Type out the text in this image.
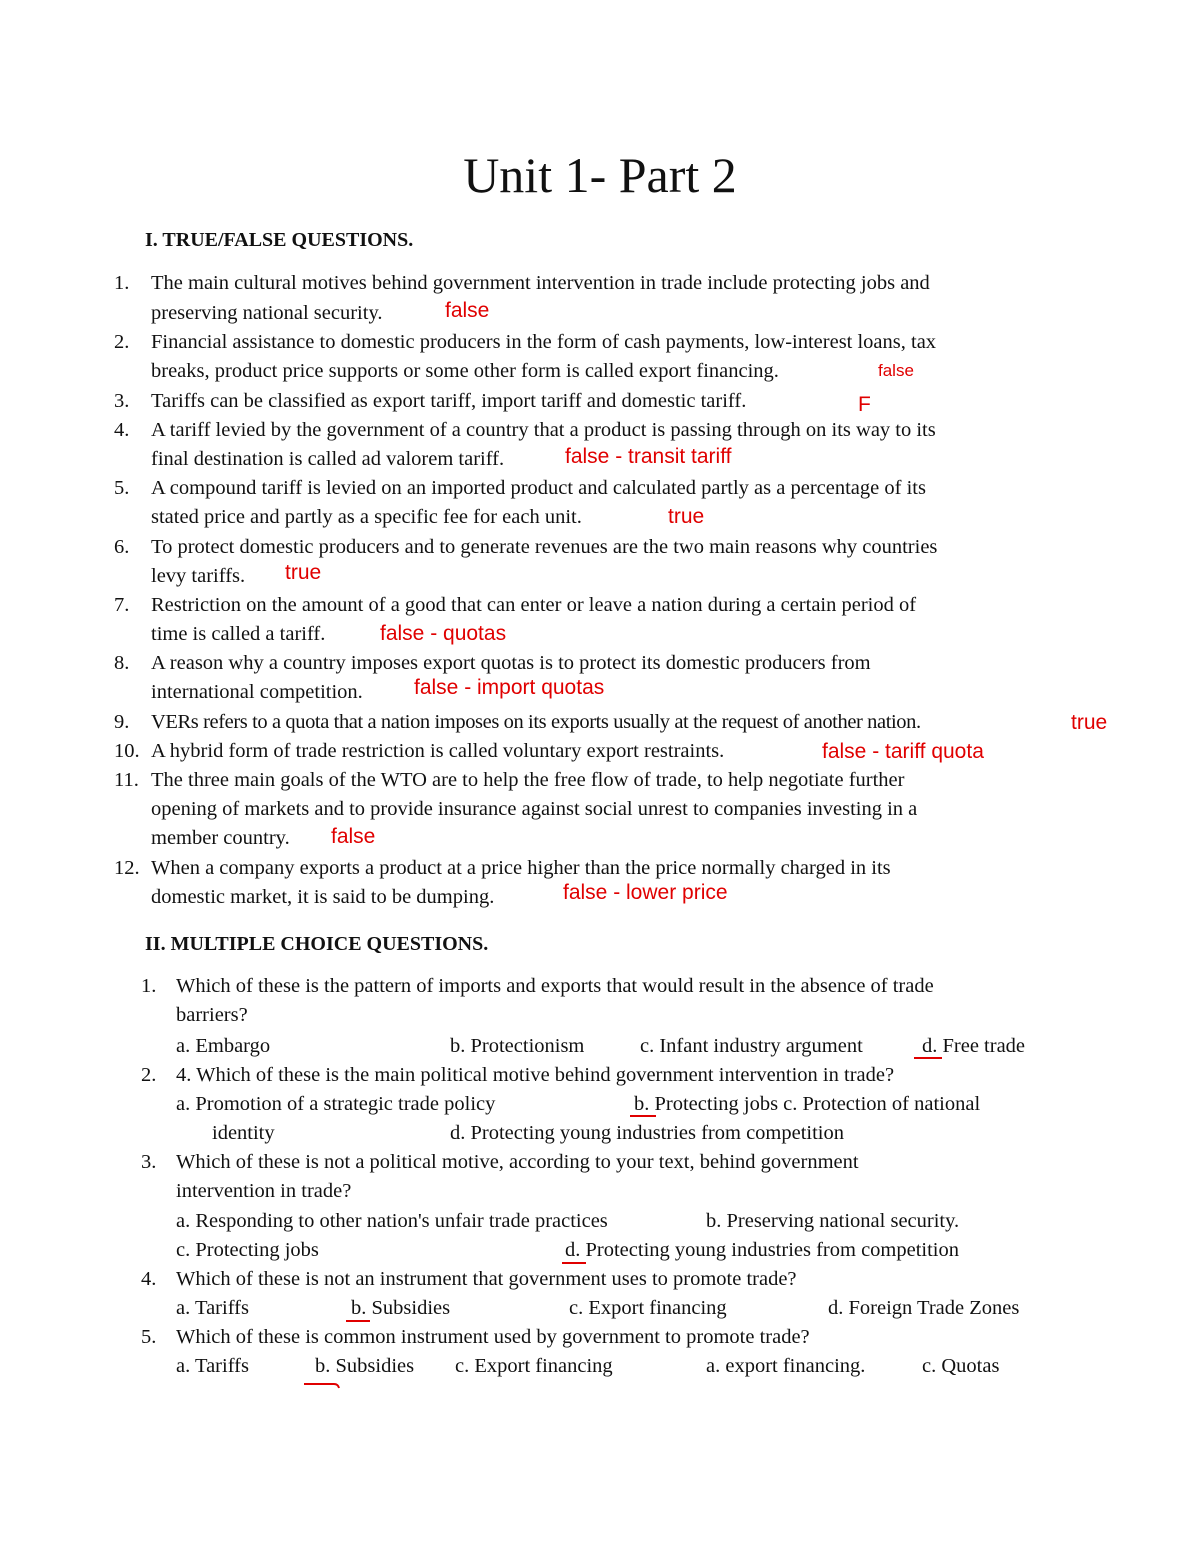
Unit 1- Part 2
I. TRUE/FALSE QUESTIONS.
1. The main cultural motives behind government intervention in trade include protecting jobs and
preserving national security.	false
2. Financial assistance to domestic producers in the form of cash payments, low-interest loans, tax
breaks, product price supports or some other form is called export financing.	false
3. Tariffs can be classified as export tariff, import tariff and domestic tariff.	F
4. A tariff levied by the government of a country that a product is passing through on its way to its
final destination is called ad valorem tariff.	false - transit tariff
5. A compound tariff is levied on an imported product and calculated partly as a percentage of its
stated price and partly as a specific fee for each unit.	true
6. To protect domestic producers and to generate revenues are the two main reasons why countries
levy tariffs. true
7. Restriction on the amount of a good that can enter or leave a nation during a certain period of
time is called a tariff.	false - quotas
8. A reason why a country imposes export quotas is to protect its domestic producers from
international competition. false - import quotas
9. VERs refers to a quota that a nation imposes on its exports usually at the request of another nation.	true
10. A hybrid form of trade restriction is called voluntary export restraints.	false - tariff quota
11. The three main goals of the WTO are to help the free flow of trade, to help negotiate further
opening of markets and to provide insurance against social unrest to companies investing in a
member country. false
12. When a company exports a product at a price higher than the price normally charged in its
domestic market, it is said to be dumping.	false - lower price
II. MULTIPLE CHOICE QUESTIONS.
1. Which of these is the pattern of imports and exports that would result in the absence of trade
barriers?
a. Embargo	b. Protectionism	c. Infant industry argument	d. Free trade
2. 4. Which of these is the main political motive behind government intervention in trade?
a. Promotion of a strategic trade policy	b. Protecting jobs c. Protection of national
identity	d. Protecting young industries from competition
3. Which of these is not a political motive, according to your text, behind government
intervention in trade?
a. Responding to other nation's unfair trade practices	b. Preserving national security.
c. Protecting jobs	d. Protecting young industries from competition
4. Which of these is not an instrument that government uses to promote trade?
a. Tariffs	b. Subsidies	c. Export financing	d. Foreign Trade Zones
5. Which of these is common instrument used by government to promote trade?
a. Tariffs	b. Subsidies c. Export financing	a. export financing.	c. Quotas
